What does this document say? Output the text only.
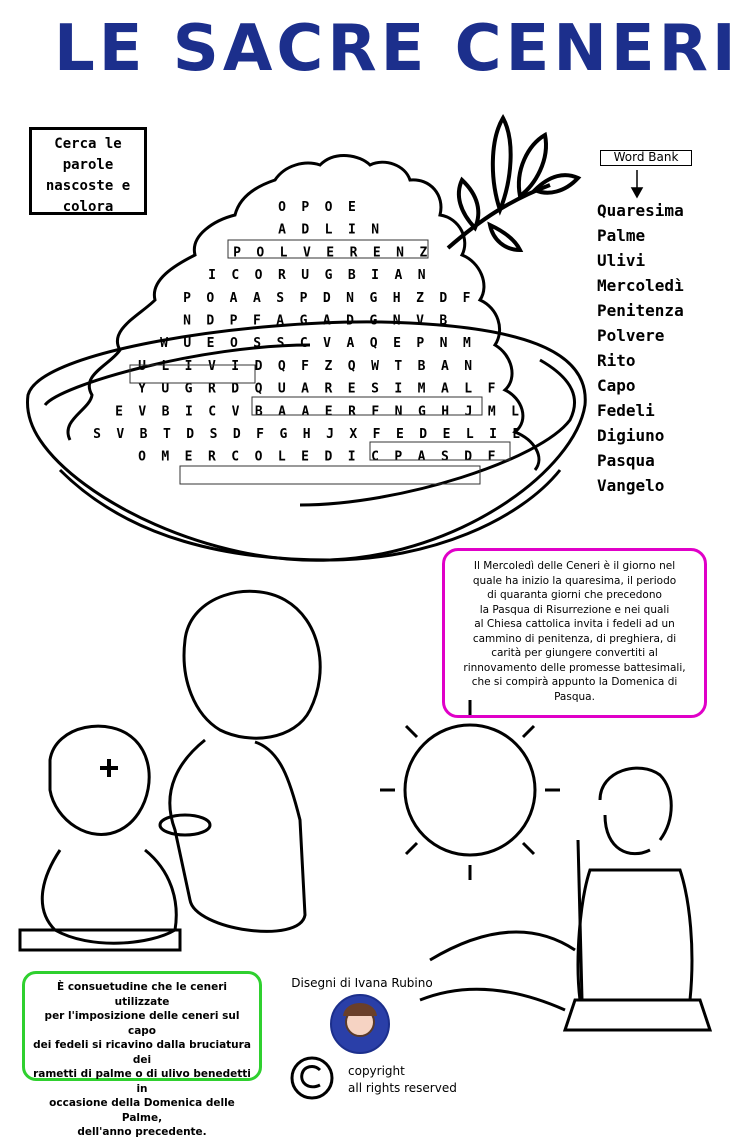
LE SACRE CENERI
O P O E
A D L I N
P O L V E R E N Z
I C O R U G B I A N
P O A A S P D N G H Z D F
N D P F A G A D G N V B
W U E O S S C V A Q E P N M
U L I V I D Q F Z Q W T B A N
Y U G R D Q U A R E S I M A L F
E V B I C V B A A E R F N G H J M L
S V B T D S D F G H J X F E D E L I E
O M E R C O L E D I C P A S D F
Cerca le
parole
nascoste e
colora
Word Bank
Quaresima
Palme
Ulivi
Mercoledì
Penitenza
Polvere
Rito
Capo
Fedeli
Digiuno
Pasqua
Vangelo
Il Mercoledì delle Ceneri è il giorno nel
quale ha inizio la quaresima, il periodo
di quaranta giorni che precedono
la Pasqua di Risurrezione e nei quali
al Chiesa cattolica invita i fedeli ad un
cammino di penitenza, di preghiera, di
carità per giungere convertiti al
rinnovamento delle promesse battesimali,
che si compirà appunto la Domenica di
Pasqua.
È consuetudine che le ceneri utilizzate
per l'imposizione delle ceneri sul capo
dei fedeli si ricavino dalla bruciatura dei
rametti di palme o di ulivo benedetti in
occasione della Domenica delle Palme,
dell'anno precedente.
Disegni di Ivana Rubino
copyright
all rights reserved
